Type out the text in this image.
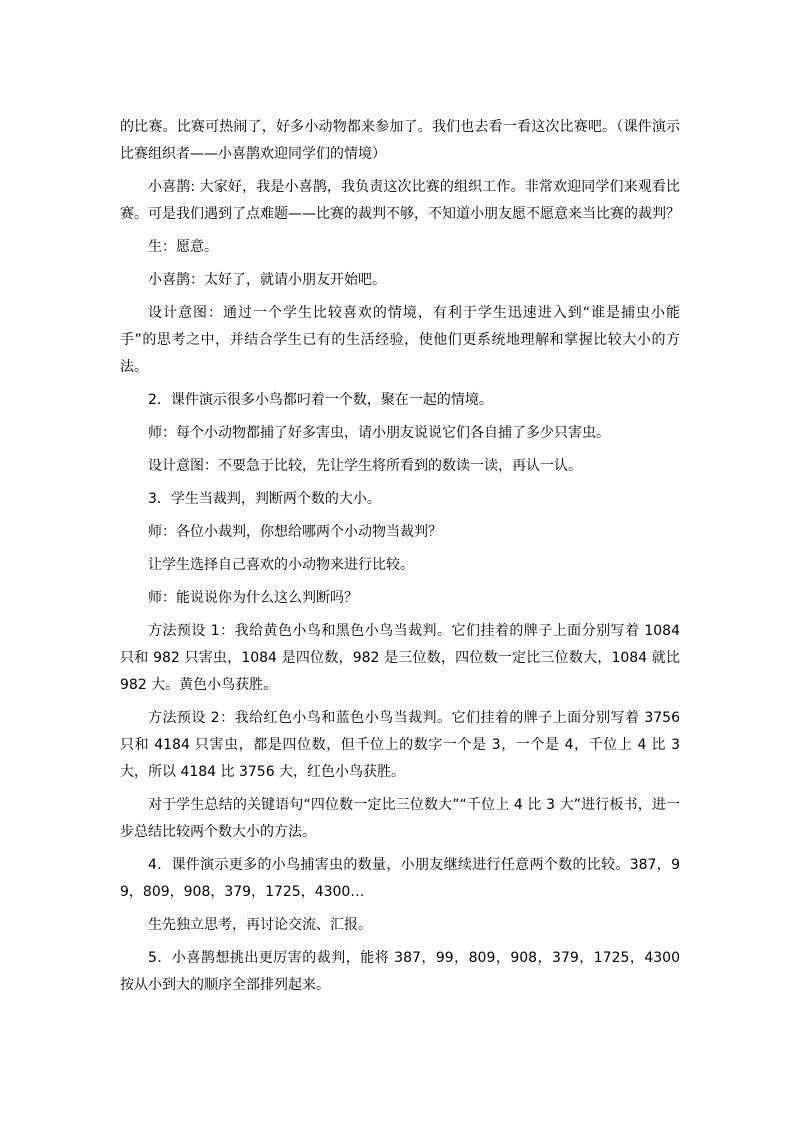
的比赛。比赛可热闹了，好多小动物都来参加了。我们也去看一看这次比赛吧。（课件演示比赛组织者——小喜鹊欢迎同学们的情境）

小喜鹊: 大家好，我是小喜鹊，我负责这次比赛的组织工作。非常欢迎同学们来观看比赛。可是我们遇到了点难题——比赛的裁判不够，不知道小朋友愿不愿意来当比赛的裁判？

生：愿意。

小喜鹊：太好了，就请小朋友开始吧。

设计意图：通过一个学生比较喜欢的情境，有利于学生迅速进入到“谁是捕虫小能手”的思考之中，并结合学生已有的生活经验，使他们更系统地理解和掌握比较大小的方法。

2．课件演示很多小鸟都叼着一个数，聚在一起的情境。

师：每个小动物都捕了好多害虫，请小朋友说说它们各自捕了多少只害虫。

设计意图：不要急于比较，先让学生将所看到的数读一读，再认一认。

3．学生当裁判，判断两个数的大小。

师：各位小裁判，你想给哪两个小动物当裁判？

让学生选择自己喜欢的小动物来进行比较。

师：能说说你为什么这么判断吗？

方法预设 1：我给黄色小鸟和黑色小鸟当裁判。它们挂着的牌子上面分别写着 1084 只和 982 只害虫，1084 是四位数，982 是三位数，四位数一定比三位数大，1084 就比 982 大。黄色小鸟获胜。

方法预设 2：我给红色小鸟和蓝色小鸟当裁判。它们挂着的牌子上面分别写着 3756 只和 4184 只害虫，都是四位数，但千位上的数字一个是 3，一个是 4，千位上 4 比 3 大，所以 4184 比 3756 大，红色小鸟获胜。

对于学生总结的关键语句“四位数一定比三位数大”“千位上 4 比 3 大”进行板书，进一步总结比较两个数大小的方法。

4．课件演示更多的小鸟捕害虫的数量，小朋友继续进行任意两个数的比较。387，99，809，908，379，1725，4300…

生先独立思考，再讨论交流、汇报。

5．小喜鹊想挑出更厉害的裁判，能将 387，99，809，908，379，1725，4300 按从小到大的顺序全部排列起来。
